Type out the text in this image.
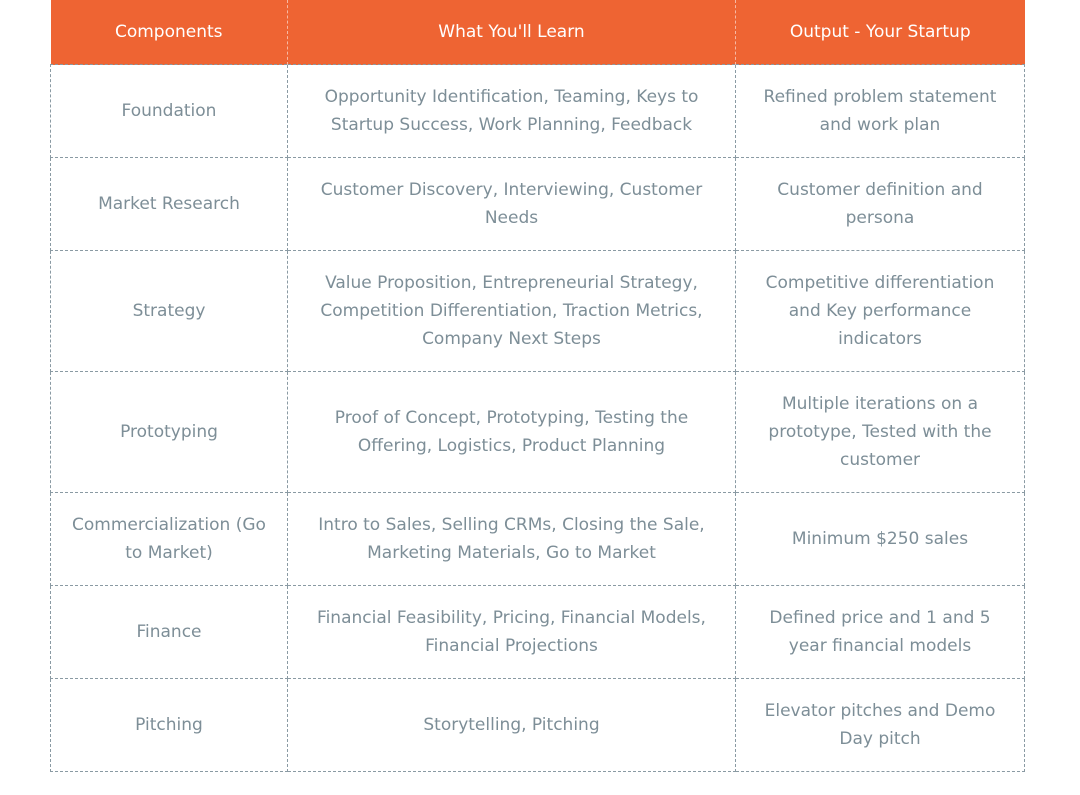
Components	What You'll Learn	Output - Your Startup
Foundation	Opportunity Identification, Teaming, Keys to Startup Success, Work Planning, Feedback	Refined problem statement and work plan
Market Research	Customer Discovery, Interviewing, Customer Needs	Customer definition and persona
Strategy	Value Proposition, Entrepreneurial Strategy, Competition Differentiation, Traction Metrics, Company Next Steps	Competitive differentiation and Key performance indicators
Prototyping	Proof of Concept, Prototyping, Testing the Offering, Logistics, Product Planning	Multiple iterations on a prototype, Tested with the customer
Commercialization (Go to Market)	Intro to Sales, Selling CRMs, Closing the Sale, Marketing Materials, Go to Market	Minimum $250 sales
Finance	Financial Feasibility, Pricing, Financial Models, Financial Projections	Defined price and 1 and 5 year financial models
Pitching	Storytelling, Pitching	Elevator pitches and Demo Day pitch
